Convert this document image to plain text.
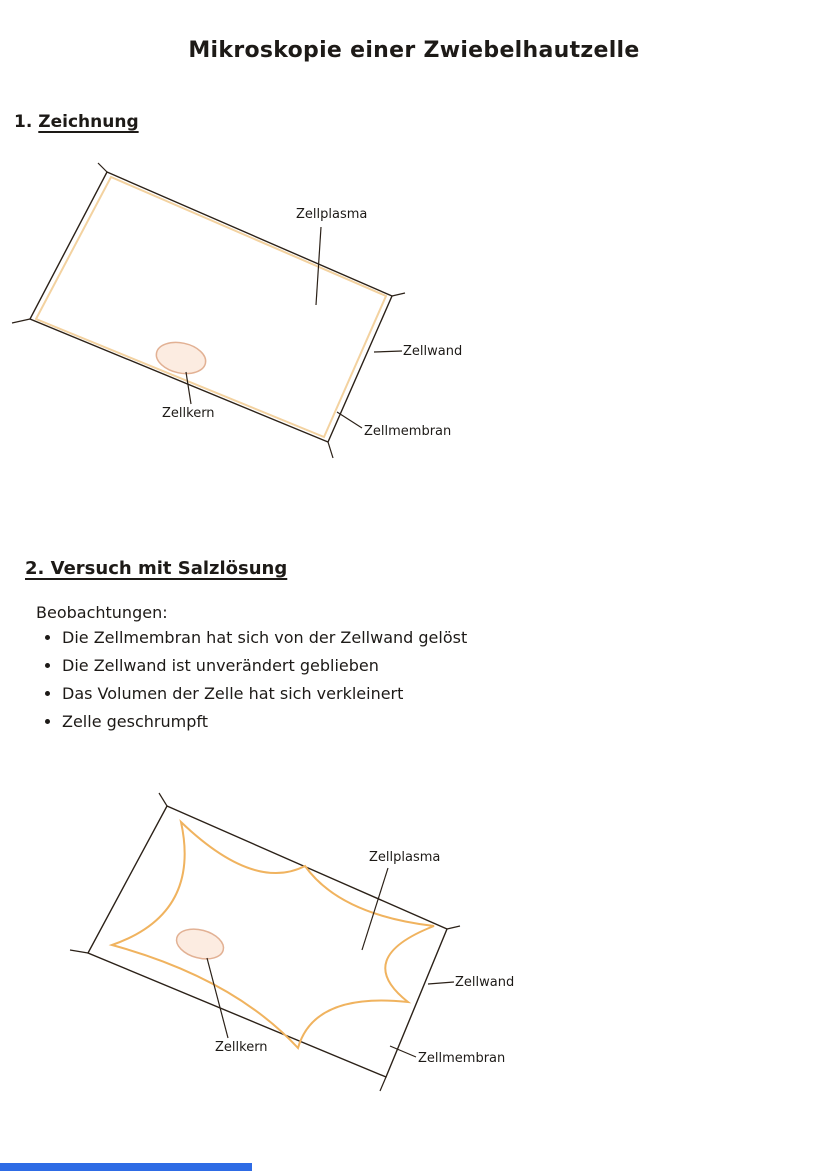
Mikroskopie einer Zwiebelhautzelle
1. Zeichnung
Zellplasma
Zellwand
Zellkern
Zellmembran
2. Versuch mit Salzlösung
Beobachtungen:
• Die Zellmembran hat sich von der Zellwand gelöst
• Die Zellwand ist unverändert geblieben
• Das Volumen der Zelle hat sich verkleinert
• Zelle geschrumpft
Zellplasma
Zellwand
Zellkern
Zellmembran
